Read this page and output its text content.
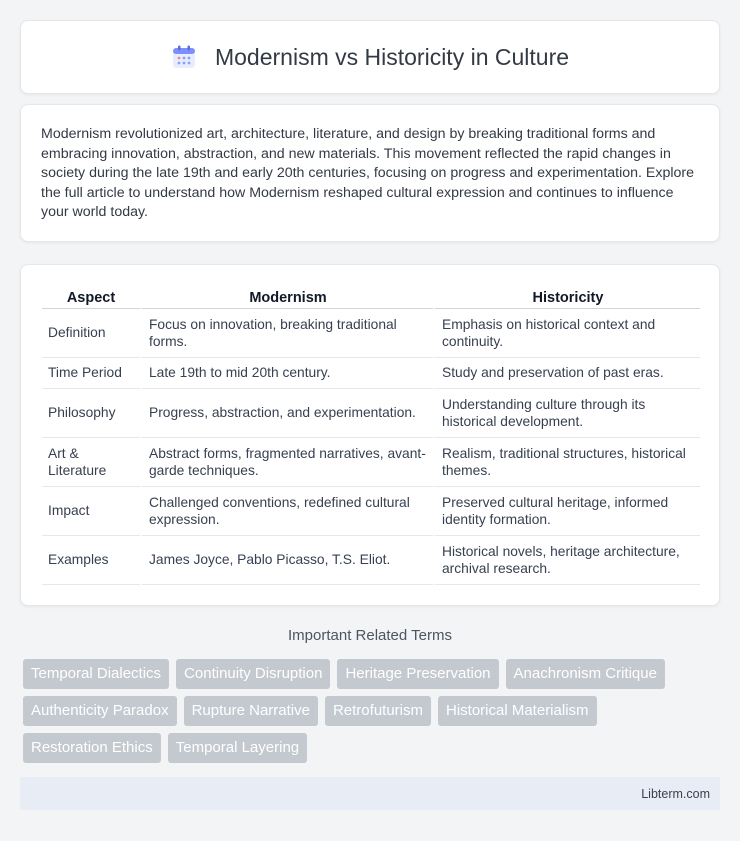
Modernism vs Historicity in Culture

Modernism revolutionized art, architecture, literature, and design by breaking traditional forms and embracing innovation, abstraction, and new materials. This movement reflected the rapid changes in society during the late 19th and early 20th centuries, focusing on progress and experimentation. Explore the full article to understand how Modernism reshaped cultural expression and continues to influence your world today.

Aspect	Modernism	Historicity
Definition	Focus on innovation, breaking traditional forms.	Emphasis on historical context and continuity.
Time Period	Late 19th to mid 20th century.	Study and preservation of past eras.
Philosophy	Progress, abstraction, and experimentation.	Understanding culture through its historical development.
Art & Literature	Abstract forms, fragmented narratives, avant-garde techniques.	Realism, traditional structures, historical themes.
Impact	Challenged conventions, redefined cultural expression.	Preserved cultural heritage, informed identity formation.
Examples	James Joyce, Pablo Picasso, T.S. Eliot.	Historical novels, heritage architecture, archival research.
Important Related Terms
Temporal Dialectics	Continuity Disruption	Heritage Preservation	Anachronism Critique
Authenticity Paradox	Rupture Narrative	Retrofuturism	Historical Materialism
Restoration Ethics	Temporal Layering
Libterm.com
